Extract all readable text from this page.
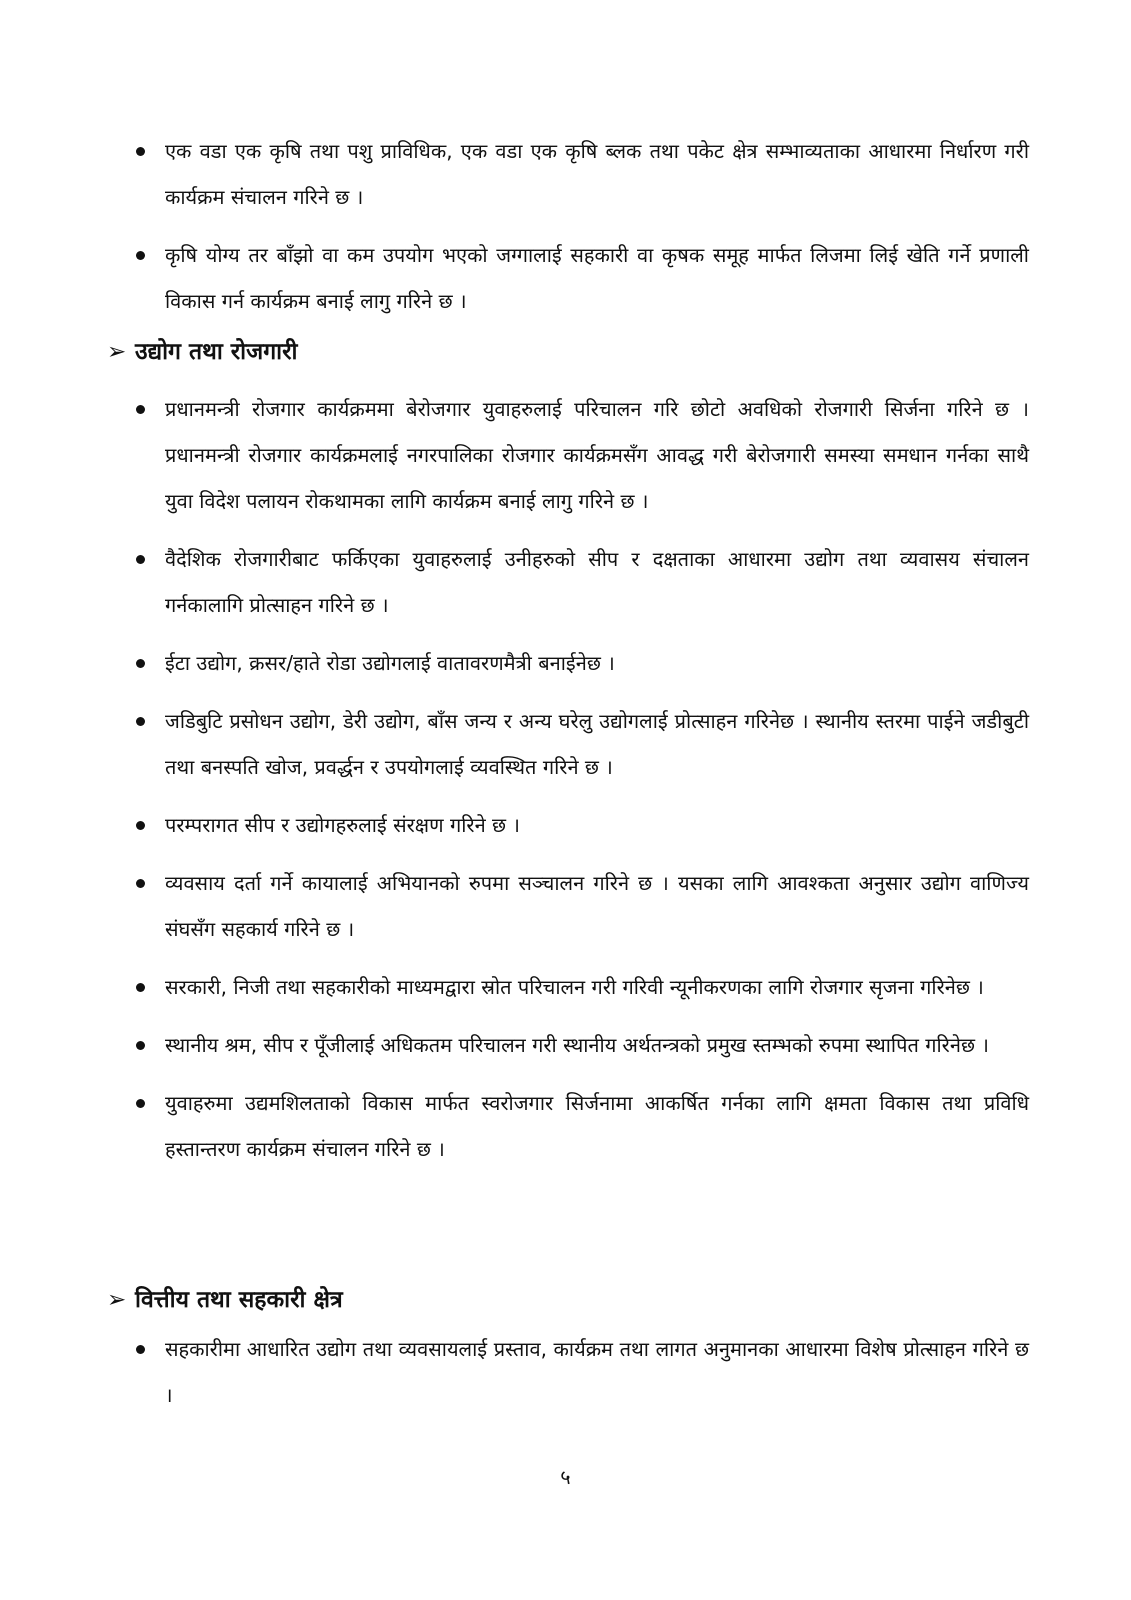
एक वडा एक कृषि तथा पशु प्राविधिक, एक वडा एक कृषि ब्लक तथा पकेट क्षेत्र सम्भाव्यताका आधारमा निर्धारण गरी कार्यक्रम संचालन गरिने छ ।
कृषि योग्य तर बाँझो वा कम उपयोग भएको जग्गालाई सहकारी वा कृषक समूह मार्फत लिजमा लिई खेति गर्ने प्रणाली विकास गर्न कार्यक्रम बनाई लागु गरिने छ ।
➢ उद्योग तथा रोजगारी
प्रधानमन्त्री रोजगार कार्यक्रममा बेरोजगार युवाहरुलाई परिचालन गरि छोटो अवधिको रोजगारी सिर्जना गरिने छ । प्रधानमन्त्री रोजगार कार्यक्रमलाई नगरपालिका रोजगार कार्यक्रमसँग आवद्ध गरी बेरोजगारी समस्या समधान गर्नका साथै युवा विदेश पलायन रोकथामका लागि कार्यक्रम बनाई लागु गरिने छ ।
वैदेशिक रोजगारीबाट फर्किएका युवाहरुलाई उनीहरुको सीप र दक्षताका आधारमा उद्योग तथा व्यवासय संचालन गर्नकालागि प्रोत्साहन गरिने छ ।
ईटा उद्योग, क्रसर/हाते रोडा उद्योगलाई वातावरणमैत्री बनाईनेछ ।
जडिबुटि प्रसोधन उद्योग, डेरी उद्योग, बाँस जन्य र अन्य घरेलु उद्योगलाई प्रोत्साहन गरिनेछ । स्थानीय स्तरमा पाईने जडीबुटी तथा बनस्पति खोज, प्रवर्द्धन र उपयोगलाई व्यवस्थित गरिने छ ।
परम्परागत सीप र उद्योगहरुलाई संरक्षण गरिने छ ।
व्यवसाय दर्ता गर्ने कायालाई अभियानको रुपमा सञ्चालन गरिने छ । यसका लागि आवश्कता अनुसार उद्योग वाणिज्य संघसँग सहकार्य गरिने छ ।
सरकारी, निजी तथा सहकारीको माध्यमद्वारा स्रोत परिचालन गरी गरिवी न्यूनीकरणका लागि रोजगार सृजना गरिनेछ ।
स्थानीय श्रम, सीप र पूँजीलाई अधिकतम परिचालन गरी स्थानीय अर्थतन्त्रको प्रमुख स्तम्भको रुपमा स्थापित गरिनेछ ।
युवाहरुमा उद्यमशिलताको विकास मार्फत स्वरोजगार सिर्जनामा आकर्षित गर्नका लागि क्षमता विकास तथा प्रविधि हस्तान्तरण कार्यक्रम संचालन गरिने छ ।
➢ वित्तीय तथा सहकारी क्षेत्र
सहकारीमा आधारित उद्योग तथा व्यवसायलाई प्रस्ताव, कार्यक्रम तथा लागत अनुमानका आधारमा विशेष प्रोत्साहन गरिने छ ।
५
